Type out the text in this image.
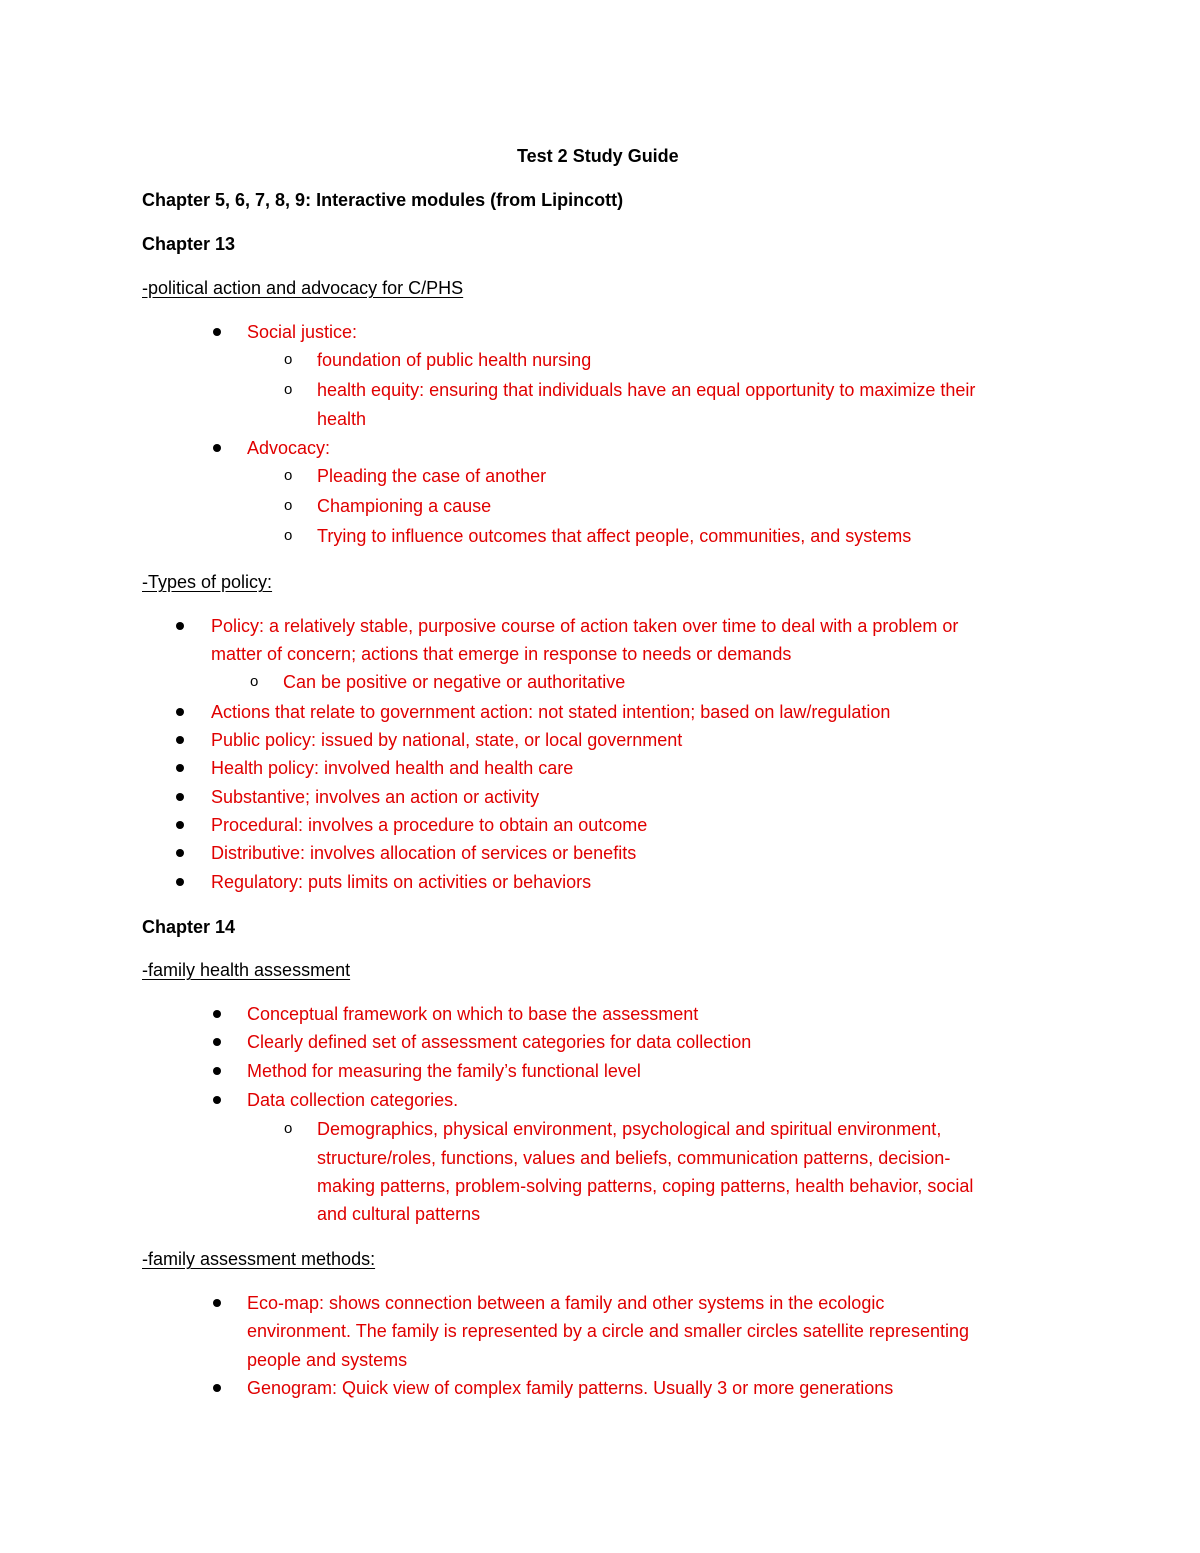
Test 2 Study Guide
Chapter 5, 6, 7, 8, 9: Interactive modules (from Lipincott)
Chapter 13
-political action and advocacy for C/PHS
Social justice:
o foundation of public health nursing
o health equity: ensuring that individuals have an equal opportunity to maximize their
health
Advocacy:
o Pleading the case of another
o Championing a cause
o Trying to influence outcomes that affect people, communities, and systems
-Types of policy:
Policy: a relatively stable, purposive course of action taken over time to deal with a problem or
matter of concern; actions that emerge in response to needs or demands
o Can be positive or negative or authoritative
Actions that relate to government action: not stated intention; based on law/regulation
Public policy: issued by national, state, or local government
Health policy: involved health and health care
Substantive; involves an action or activity
Procedural: involves a procedure to obtain an outcome
Distributive: involves allocation of services or benefits
Regulatory: puts limits on activities or behaviors
Chapter 14
-family health assessment
Conceptual framework on which to base the assessment
Clearly defined set of assessment categories for data collection
Method for measuring the family’s functional level
Data collection categories.
o Demographics, physical environment, psychological and spiritual environment,
structure/roles, functions, values and beliefs, communication patterns, decision-
making patterns, problem-solving patterns, coping patterns, health behavior, social
and cultural patterns
-family assessment methods:
Eco-map: shows connection between a family and other systems in the ecologic
environment. The family is represented by a circle and smaller circles satellite representing
people and systems
Genogram: Quick view of complex family patterns. Usually 3 or more generations
